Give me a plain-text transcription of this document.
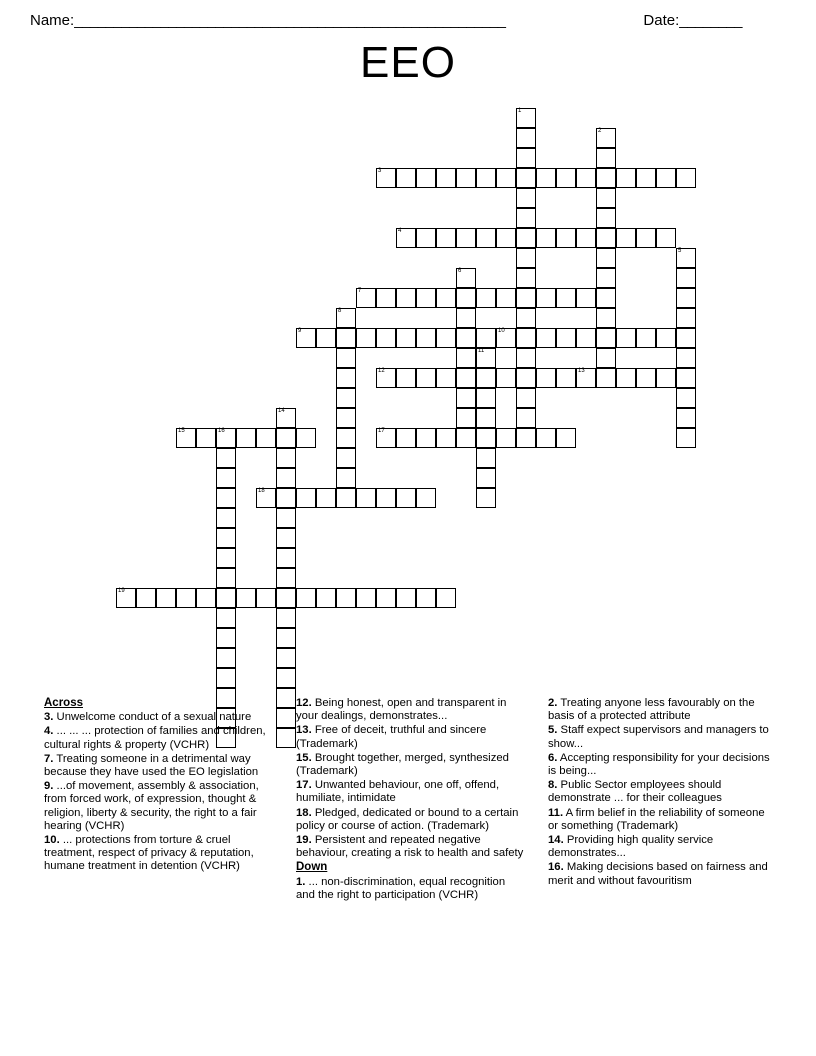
Name:_______________________________________________________	Date:________
EEO
1
2
3
4
5
6
7
8
9	10
11
12	13
14
15	16	17
18
19
Across
3. Unwelcome conduct of a sexual nature
4. ... ... ... protection of families and children, cultural rights & property (VCHR)
7. Treating someone in a detrimental way because they have used the EO legislation
9. ...of movement, assembly & association, from forced work, of expression, thought & religion, liberty & security, the right to a fair hearing (VCHR)
10. ... protections from torture & cruel treatment, respect of privacy & reputation, humane treatment in detention (VCHR)
12. Being honest, open and transparent in your dealings, demonstrates...
13. Free of deceit, truthful and sincere (Trademark)
15. Brought together, merged, synthesized (Trademark)
17. Unwanted behaviour, one off, offend, humiliate, intimidate
18. Pledged, dedicated or bound to a certain policy or course of action. (Trademark)
19. Persistent and repeated negative behaviour, creating a risk to health and safety
Down
1. ... non-discrimination, equal recognition and the right to participation (VCHR)
2. Treating anyone less favourably on the basis of a protected attribute
5. Staff expect supervisors and managers to show...
6. Accepting responsibility for your decisions is being...
8. Public Sector employees should demonstrate ... for their colleagues
11. A firm belief in the reliability of someone or something (Trademark)
14. Providing high quality service demonstrates...
16. Making decisions based on fairness and merit and without favouritism
